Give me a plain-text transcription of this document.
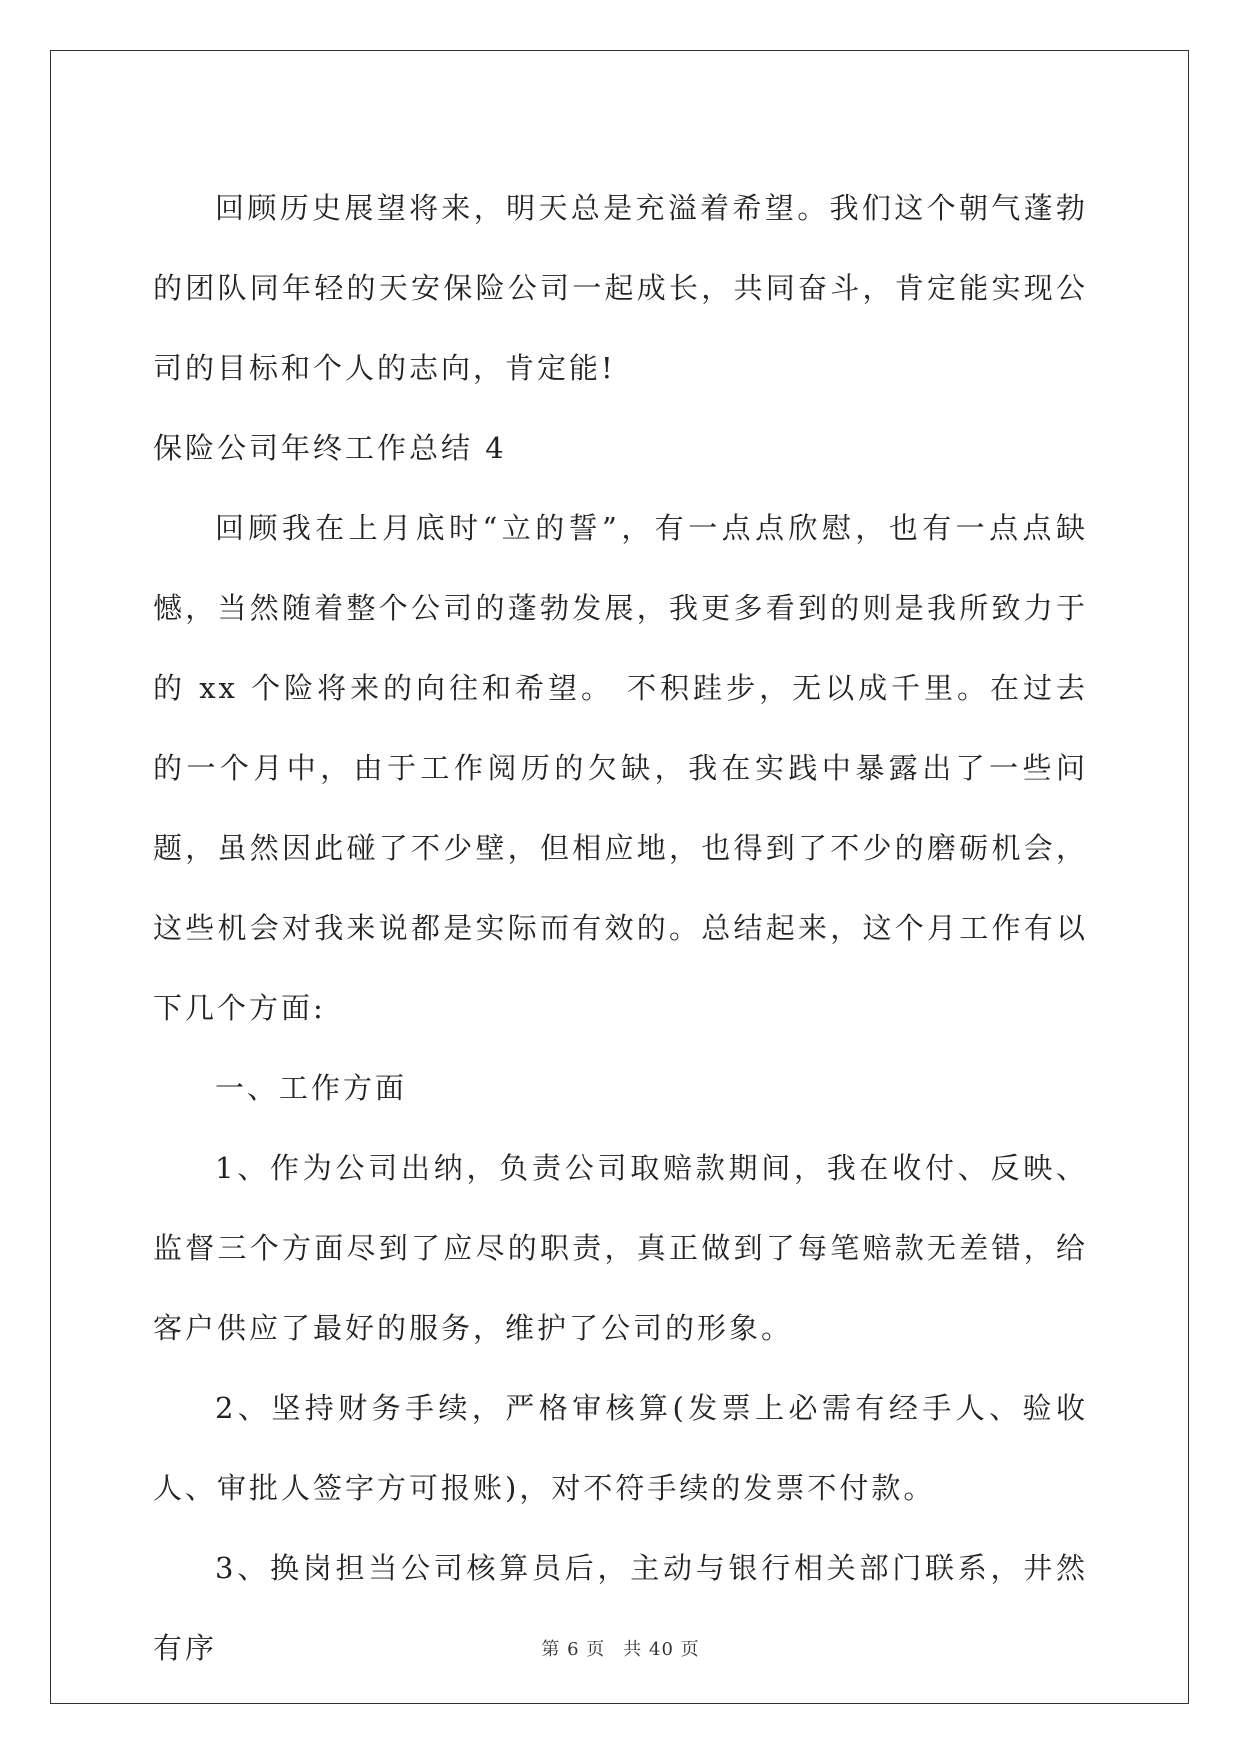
回顾历史展望将来，明天总是充溢着希望。我们这个朝气蓬勃的团队同年轻的天安保险公司一起成长，共同奋斗，肯定能实现公司的目标和个人的志向，肯定能!

保险公司年终工作总结 4

回顾我在上月底时“立的誓”，有一点点欣慰，也有一点点缺憾，当然随着整个公司的蓬勃发展，我更多看到的则是我所致力于的 xx 个险将来的向往和希望。 不积跬步，无以成千里。在过去的一个月中，由于工作阅历的欠缺，我在实践中暴露出了一些问题，虽然因此碰了不少壁，但相应地，也得到了不少的磨砺机会，这些机会对我来说都是实际而有效的。总结起来，这个月工作有以下几个方面:

一、工作方面

1、作为公司出纳，负责公司取赔款期间，我在收付、反映、监督三个方面尽到了应尽的职责，真正做到了每笔赔款无差错，给客户供应了最好的服务，维护了公司的形象。

2、坚持财务手续，严格审核算(发票上必需有经手人、验收人、审批人签字方可报账)，对不符手续的发票不付款。

3、换岗担当公司核算员后，主动与银行相关部门联系，井然有序	第 6 页 共 40 页
